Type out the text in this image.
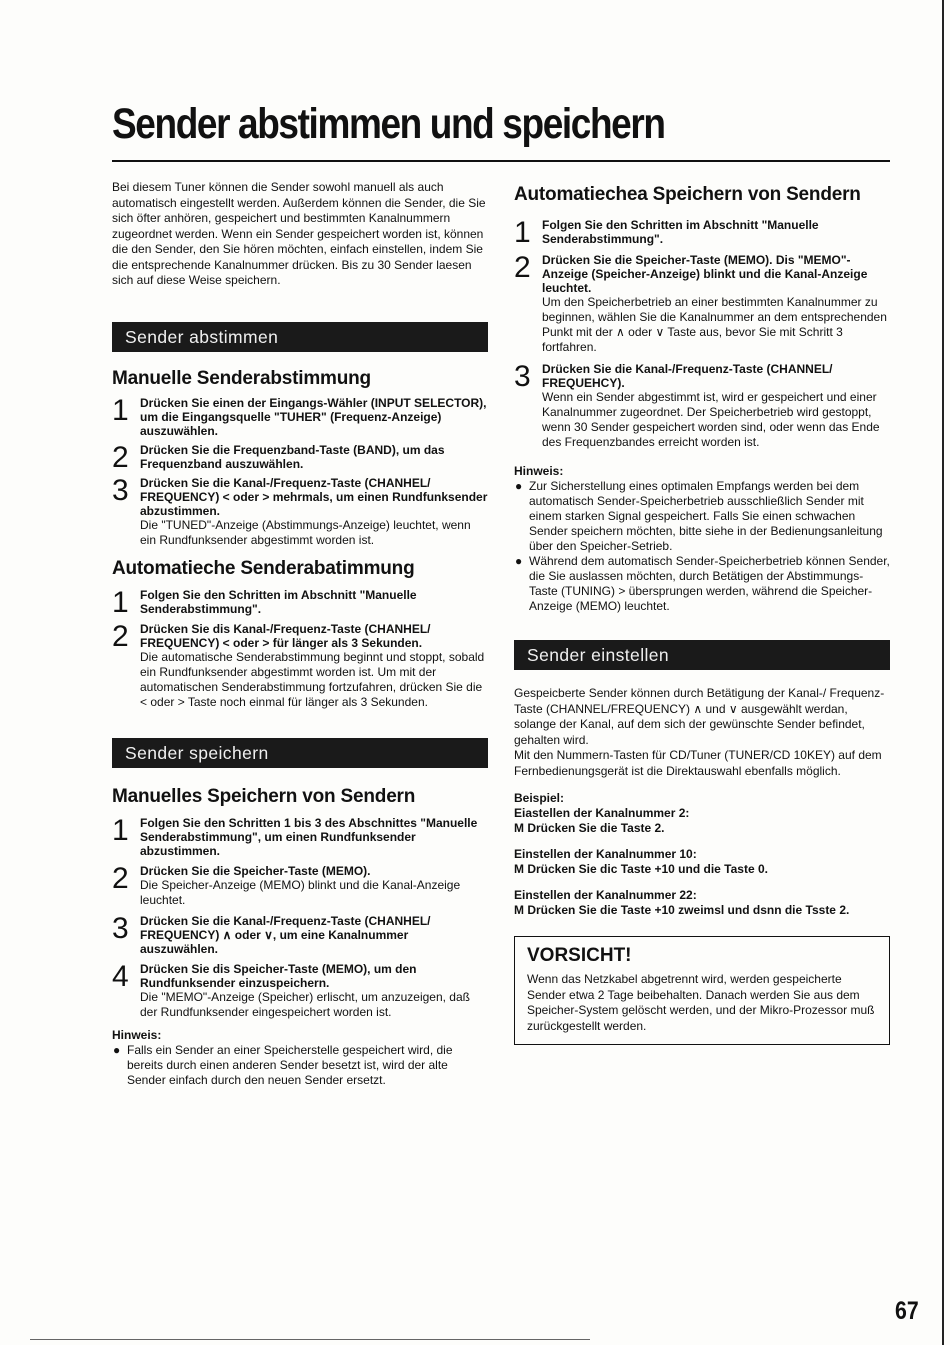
Sender abstimmen und speichern

Bei diesem Tuner können die Sender sowohl manuell als auch automatisch eingestellt werden. Außerdem können die Sender, die Sie sich öfter anhören, gespeichert und bestimmten Kanalnummern zugeordnet werden. Wenn ein Sender gespeichert worden ist, können die den Sender, den Sie hören möchten, einfach einstellen, indem Sie die entsprechende Kanalnummer drücken. Bis zu 30 Sender laesen sich auf diese Weise speichern.

Sender abstimmen
Manuelle Senderabstimmung
1 Drücken Sie einen der Eingangs-Wähler (INPUT SELECTOR), um die Eingangsquelle "TUHER" (Frequenz-Anzeige) auszuwählen.
2 Drücken Sie die Frequenzband-Taste (BAND), um das Frequenzband auszuwählen.
3 Drücken Sie die Kanal-/Frequenz-Taste (CHANHEL/ FREQUENCY) < oder > mehrmals, um einen Rundfunksender abzustimmen.
Die "TUNED"-Anzeige (Abstimmungs-Anzeige) leuchtet, wenn ein Rundfunksender abgestimmt worden ist.
Automatieche Senderabatimmung
1 Folgen Sie den Schritten im Abschnitt "Manuelle Senderabstimmung".
2 Drücken Sie dis Kanal-/Frequenz-Taste (CHANHEL/ FREQUENCY) < oder > für länger als 3 Sekunden.
Die automatische Senderabstimmung beginnt und stoppt, sobald ein Rundfunksender abgestimmt worden ist. Um mit der automatischen Senderabstimmung fortzufahren, drücken Sie die < oder > Taste noch einmal für länger als 3 Sekunden.
Sender speichern
Manuelles Speichern von Sendern
1 Folgen Sie den Schritten 1 bis 3 des Abschnittes "Manuelle Senderabstimmung", um einen Rundfunksender abzustimmen.
2 Drücken Sie die Speicher-Taste (MEMO).
Die Speicher-Anzeige (MEMO) blinkt und die Kanal-Anzeige leuchtet.
3 Drücken Sie die Kanal-/Frequenz-Taste (CHANHEL/ FREQUENCY) ∧ oder ∨, um eine Kanalnummer auszuwählen.
4 Drücken Sie dis Speicher-Taste (MEMO), um den Rundfunksender einzuspeichern.
Die "MEMO"-Anzeige (Speicher) erlischt, um anzuzeigen, daß der Rundfunksender eingespeichert worden ist.

Hinweis:

● Falls ein Sender an einer Speicherstelle gespeichert wird, die bereits durch einen anderen Sender besetzt ist, wird der alte Sender einfach durch den neuen Sender ersetzt.
Automatiechea Speichern von Sendern
1 Folgen Sie den Schritten im Abschnitt "Manuelle Senderabstimmung".
2 Drücken Sie die Speicher-Taste (MEMO). Dis "MEMO"-Anzeige (Speicher-Anzeige) blinkt und die Kanal-Anzeige leuchtet.
Um den Speicherbetrieb an einer bestimmten Kanalnummer zu beginnen, wählen Sie die Kanalnummer an dem entsprechenden Punkt mit der ∧ oder ∨ Taste aus, bevor Sie mit Schritt 3 fortfahren.
3 Drücken Sie die Kanal-/Frequenz-Taste (CHANNEL/ FREQUEHCY).
Wenn ein Sender abgestimmt ist, wird er gespeichert und einer Kanalnummer zugeordnet. Der Speicherbetrieb wird gestoppt, wenn 30 Sender gespeichert worden sind, oder wenn das Ende des Frequenzbandes erreicht worden ist.

Hinweis:

● Zur Sicherstellung eines optimalen Empfangs werden bei dem automatisch Sender-Speicherbetrieb ausschließlich Sender mit einem starken Signal gespeichert. Falls Sie einen schwachen Sender speichern möchten, bitte siehe in der Bedienungsanleitung über den Speicher-Setrieb.
● Während dem automatisch Sender-Speicherbetrieb können Sender, die Sie auslassen möchten, durch Betätigen der Abstimmungs-Taste (TUNING) > übersprungen werden, während die Speicher-Anzeige (MEMO) leuchtet.
Sender einstellen

Gespeicberte Sender können durch Betätigung der Kanal-/ Frequenz-Taste (CHANNEL/FREQUENCY) ∧ und ∨ ausgewählt werdan, solange der Kanal, auf dem sich der gewünschte Sender befindet, gehalten wird.

Mit den Nummern-Tasten für CD/Tuner (TUNER/CD 10KEY) auf dem Fernbedienungsgerät ist die Direktauswahl ebenfalls möglich.

Beispiel:

Eiastellen der Kanalnummer 2:

M Drücken Sie die Taste 2.

Einstellen der Kanalnummer 10:

M Drücken Sie dic Taste +10 und die Taste 0.

Einstellen der Kanalnummer 22:

M Drücken Sie die Taste +10 zweimsl und dsnn die Tsste 2.

VORSICHT!

Wenn das Netzkabel abgetrennt wird, werden gespeicherte Sender etwa 2 Tage beibehalten. Danach werden Sie aus dem Speicher-System gelöscht werden, und der Mikro-Prozessor muß zurückgestellt werden.

67
